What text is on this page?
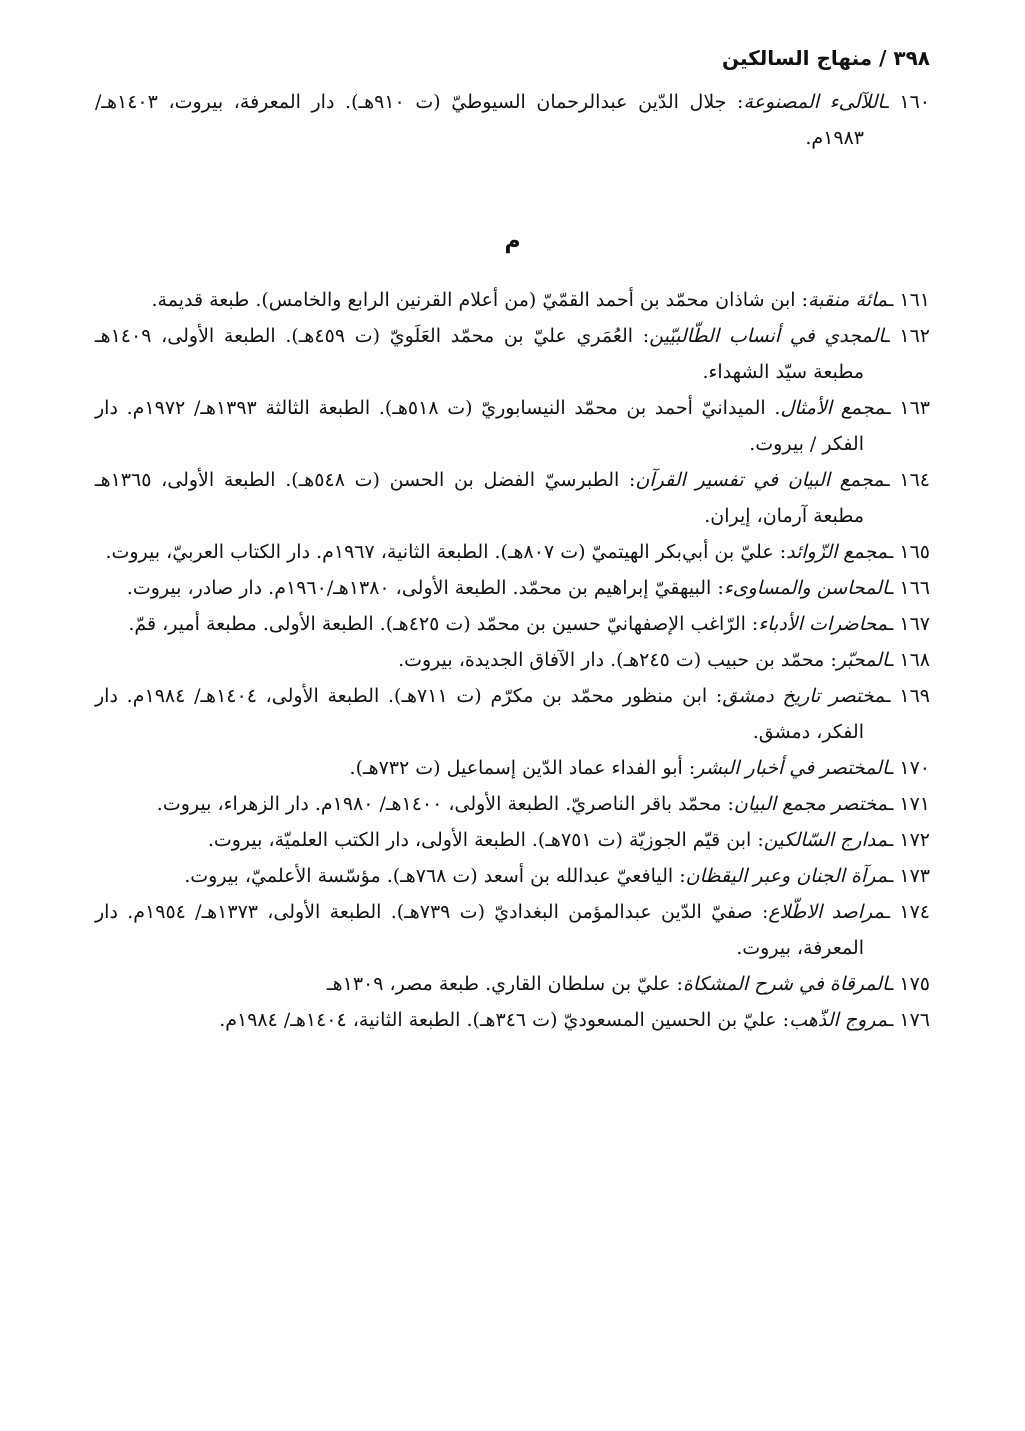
٣٩٨ / منهاج السالكين

١٦٠ ـاللآلىء المصنوعة: جلال الدّين عبدالرحمان السيوطيّ (ت ٩١٠هـ). دار المعرفة، بيروت، ١٤٠٣هـ/ ١٩٨٣م.

م

١٦١ ـمائة منقبة: ابن شاذان محمّد بن أحمد القمّيّ (من أعلام القرنين الرابع والخامس). طبعة قديمة.

١٦٢ ـالمجدي في أنساب الطّالبيّين: العُمَري عليّ بن محمّد العَلَويّ (ت ٤٥٩هـ). الطبعة الأولى، ١٤٠٩هـ مطبعة سيّد الشهداء.

١٦٣ ـمجمع الأمثال. الميدانيّ أحمد بن محمّد النيسابوريّ (ت ٥١٨هـ). الطبعة الثالثة ١٣٩٣هـ/ ١٩٧٢م. دار الفكر / بيروت.

١٦٤ ـمجمع البيان في تفسير القرآن: الطبرسيّ الفضل بن الحسن (ت ٥٤٨هـ). الطبعة الأولى، ١٣٦٥هـ مطبعة آرمان، إيران.

١٦٥ ـمجمع الزّوائد: عليّ بن أبي‌بكر الهيتميّ (ت ٨٠٧هـ). الطبعة الثانية، ١٩٦٧م. دار الكتاب العربيّ، بيروت.

١٦٦ ـالمحاسن والمساوىء: البيهقيّ إبراهيم بن محمّد. الطبعة الأولى، ١٣٨٠هـ/١٩٦٠م. دار صادر، بيروت.

١٦٧ ـمحاضرات الأدباء: الرّاغب الإصفهانيّ حسين بن محمّد (ت ٤٢٥هـ). الطبعة الأولى. مطبعة أمير، قمّ.

١٦٨ ـالمحبّر: محمّد بن حبيب (ت ٢٤٥هـ). دار الآفاق الجديدة، بيروت.

١٦٩ ـمختصر تاريخ دمشق: ابن منظور محمّد بن مكرّم (ت ٧١١هـ). الطبعة الأولى، ١٤٠٤هـ/ ١٩٨٤م. دار الفكر، دمشق.

١٧٠ ـالمختصر في أخبار البشر: أبو الفداء عماد الدّين إسماعيل (ت ٧٣٢هـ).

١٧١ ـمختصر مجمع البيان: محمّد باقر الناصريّ. الطبعة الأولى، ١٤٠٠هـ/ ١٩٨٠م. دار الزهراء، بيروت.

١٧٢ ـمدارج السّالكين: ابن قيّم الجوزيّة (ت ٧٥١هـ). الطبعة الأولى، دار الكتب العلميّة، بيروت.

١٧٣ ـمرآة الجنان وعبر اليقظان: اليافعيّ عبدالله بن أسعد (ت ٧٦٨هـ). مؤسّسة الأعلميّ، بيروت.

١٧٤ ـمراصد الاطّلاع: صفيّ الدّين عبدالمؤمن البغداديّ (ت ٧٣٩هـ). الطبعة الأولى، ١٣٧٣هـ/ ١٩٥٤م. دار المعرفة، بيروت.

١٧٥ ـالمرقاة في شرح المشكاة: عليّ بن سلطان القاري. طبعة مصر، ١٣٠٩هـ

١٧٦ ـمروج الذّهب: عليّ بن الحسين المسعوديّ (ت ٣٤٦هـ). الطبعة الثانية، ١٤٠٤هـ/ ١٩٨٤م.
